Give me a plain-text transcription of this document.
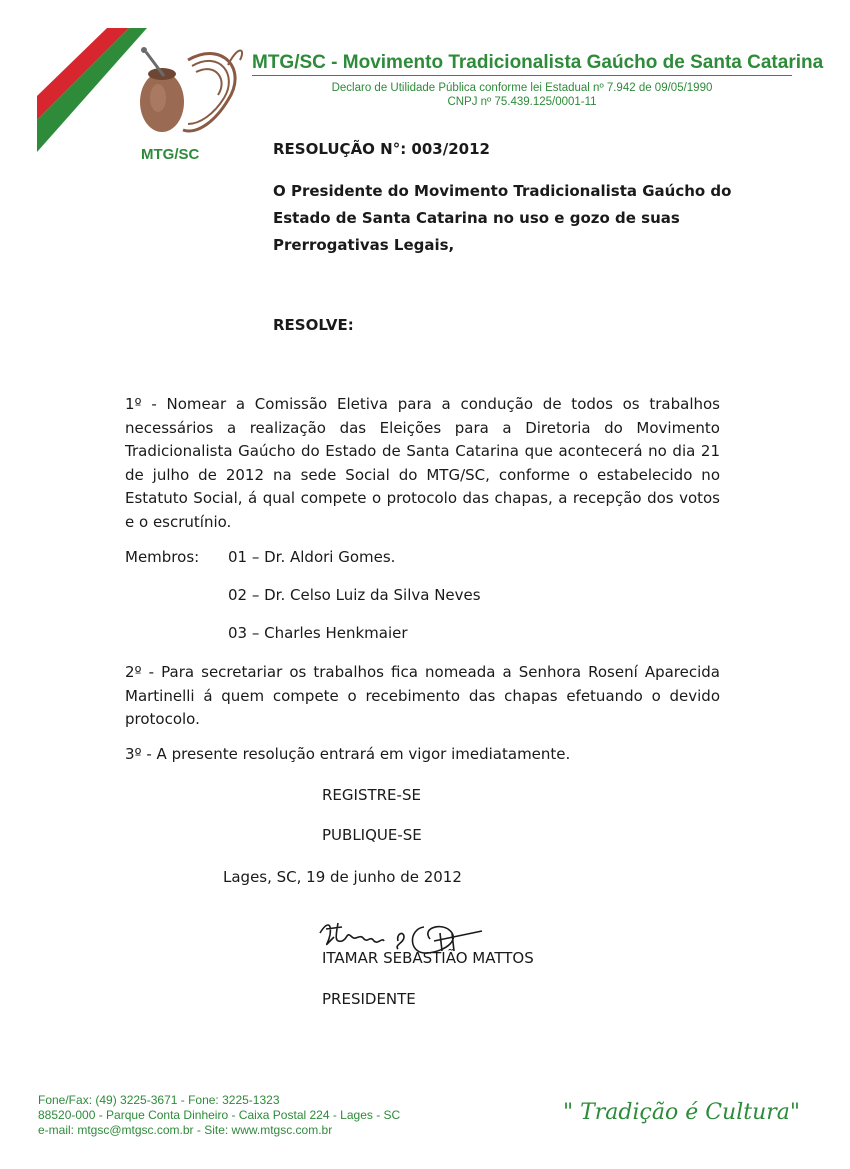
MTG/SC
MTG/SC - Movimento Tradicionalista Gaúcho de Santa Catarina
Declaro de Utilidade Pública conforme lei Estadual nº 7.942 de 09/05/1990
CNPJ nº 75.439.125/0001-11
RESOLUÇÃO N°: 003/2012
O Presidente do Movimento Tradicionalista Gaúcho do
Estado de Santa Catarina no uso e gozo de suas
Prerrogativas Legais,
RESOLVE:
1º - Nomear a Comissão Eletiva para a condução de todos os trabalhos necessários a realização das Eleições para a Diretoria do Movimento Tradicionalista Gaúcho do Estado de Santa Catarina que acontecerá no dia 21 de julho de 2012 na sede Social do MTG/SC, conforme o estabelecido no Estatuto Social, á qual compete o protocolo das chapas, a recepção dos votos e o escrutínio.
Membros: 01 – Dr. Aldori Gomes.
02 – Dr. Celso Luiz da Silva Neves
03 – Charles Henkmaier
2º - Para secretariar os trabalhos fica nomeada a Senhora Rosení Aparecida Martinelli á quem compete o recebimento das chapas efetuando o devido protocolo.
3º - A presente resolução entrará em vigor imediatamente.
REGISTRE-SE
PUBLIQUE-SE
Lages, SC, 19 de junho de 2012
ITAMAR SEBASTIÃO MATTOS
PRESIDENTE
Fone/Fax: (49) 3225-3671 - Fone: 3225-1323
88520-000 - Parque Conta Dinheiro - Caixa Postal 224 - Lages - SC
e-mail: mtgsc@mtgsc.com.br - Site: www.mtgsc.com.br
" Tradição é Cultura"
